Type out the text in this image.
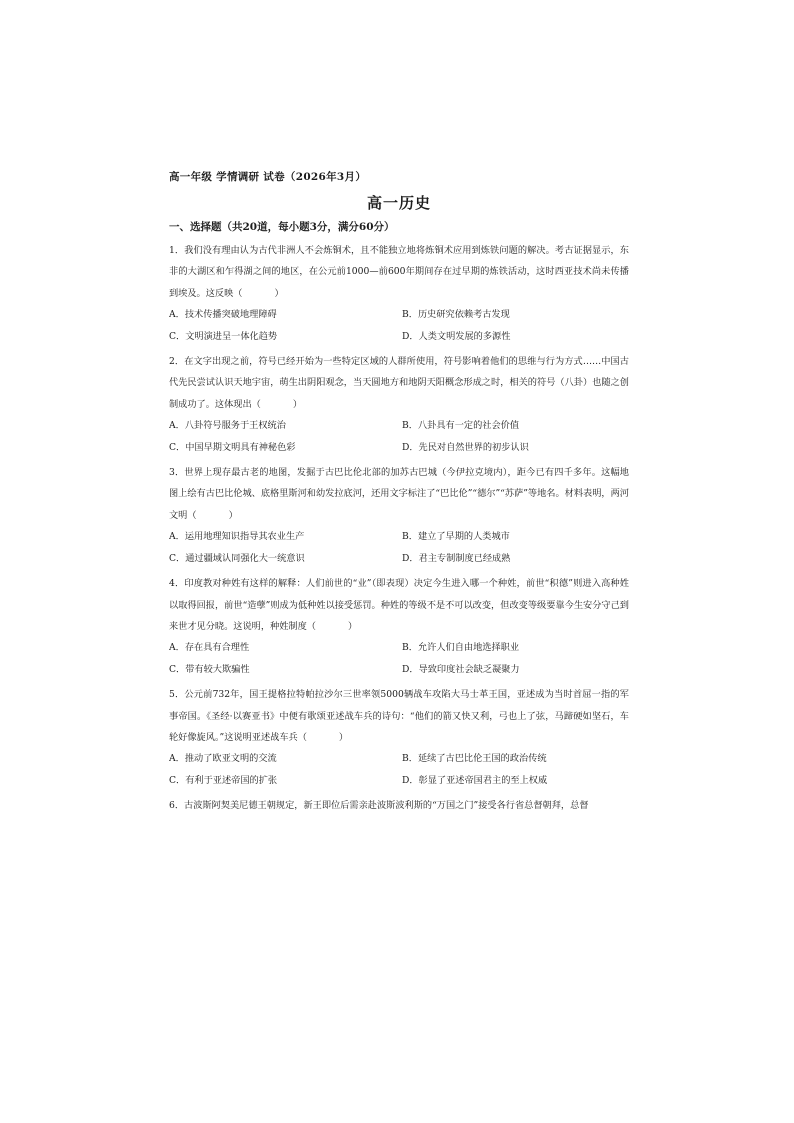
高一年级 学情调研 试卷（2026年3月）
高一历史
一、选择题（共20道，每小题3分，满分60分）

1．我们没有理由认为古代非洲人不会炼铜术，且不能独立地将炼铜术应用到炼铁问题的解决。考古证据显示，东非的大湖区和乍得湖之间的地区，在公元前1000—前600年期间存在过早期的炼铁活动，这时西亚技术尚未传播到埃及。这反映（	）

A．技术传播突破地理障碍	B．历史研究依赖考古发现
C．文明演进呈一体化趋势	D．人类文明发展的多源性

2．在文字出现之前，符号已经开始为一些特定区域的人群所使用，符号影响着他们的思维与行为方式……中国古代先民尝试认识天地宇宙，萌生出阴阳观念，当天圆地方和地阴天阳概念形成之时，相关的符号（八卦）也随之创制成功了。这体现出（	）

A．八卦符号服务于王权统治	B．八卦具有一定的社会价值
C．中国早期文明具有神秘色彩	D．先民对自然世界的初步认识

3．世界上现存最古老的地图，发掘于古巴比伦北部的加苏古巴城（今伊拉克境内），距今已有四千多年。这幅地图上绘有古巴比伦城、底格里斯河和幼发拉底河，还用文字标注了“巴比伦”“德尔”“苏萨”等地名。材料表明，两河文明（	）

A．运用地理知识指导其农业生产	B．建立了早期的人类城市
C．通过疆域认同强化大一统意识	D．君主专制制度已经成熟

4．印度教对种姓有这样的解释：人们前世的“业”（即表现）决定今生进入哪一个种姓，前世“积德”则进入高种姓以取得回报，前世“造孽”则成为低种姓以接受惩罚。种姓的等级不是不可以改变，但改变等级要靠今生安分守己到来世才见分晓。这说明，种姓制度（	）

A．存在具有合理性	B．允许人们自由地选择职业
C．带有较大欺骗性	D．导致印度社会缺乏凝聚力

5．公元前732年，国王提格拉特帕拉沙尔三世率领5000辆战车攻陷大马士革王国，亚述成为当时首屈一指的军事帝国。《圣经·以赛亚书》中便有歌颂亚述战车兵的诗句：“他们的箭又快又利，弓也上了弦，马蹄硬如坚石，车轮好像旋风。”这说明亚述战车兵（	）

A．推动了欧亚文明的交流	B．延续了古巴比伦王国的政治传统
C．有利于亚述帝国的扩张	D．彰显了亚述帝国君主的至上权威

6．古波斯阿契美尼德王朝规定，新王即位后需亲赴波斯波利斯的“万国之门”接受各行省总督朝拜，总督
